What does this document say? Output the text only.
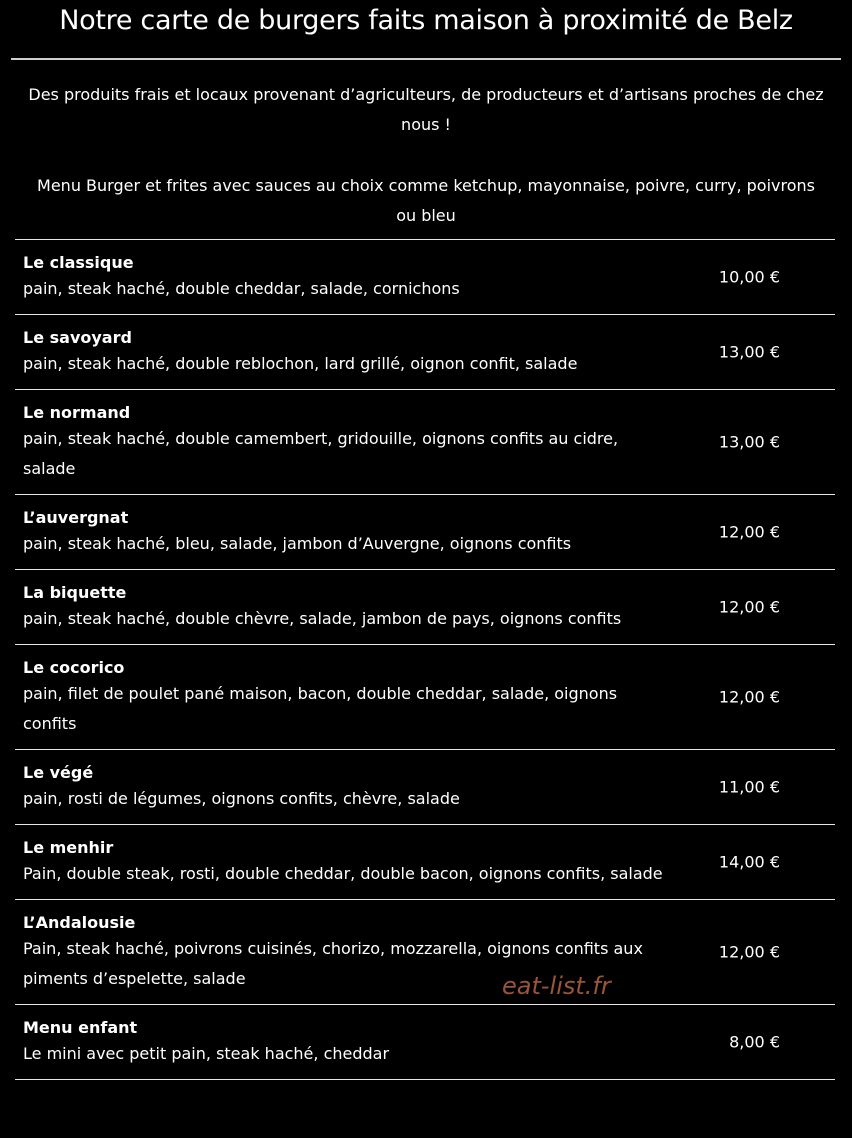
Notre carte de burgers faits maison à proximité de Belz

Des produits frais et locaux provenant d’agriculteurs, de producteurs et d’artisans proches de chez nous !

Menu Burger et frites avec sauces au choix comme ketchup, mayonnaise, poivre, curry, poivrons ou bleu

Le classique

pain, steak haché, double cheddar, salade, cornichons

10,00 €

Le savoyard

pain, steak haché, double reblochon, lard grillé, oignon confit, salade

13,00 €

Le normand

pain, steak haché, double camembert, gridouille, oignons confits au cidre, salade

13,00 €

L’auvergnat

pain, steak haché, bleu, salade, jambon d’Auvergne, oignons confits

12,00 €

La biquette

pain, steak haché, double chèvre, salade, jambon de pays, oignons confits

12,00 €

Le cocorico

pain, filet de poulet pané maison, bacon, double cheddar, salade, oignons confits

12,00 €

Le végé

pain, rosti de légumes, oignons confits, chèvre, salade

11,00 €

Le menhir

Pain, double steak, rosti, double cheddar, double bacon, oignons confits, salade

14,00 €

L’Andalousie

Pain, steak haché, poivrons cuisinés, chorizo, mozzarella, oignons confits aux piments d’espelette, salade

12,00 €

Menu enfant

Le mini avec petit pain, steak haché, cheddar

8,00 €
eat-list.fr
